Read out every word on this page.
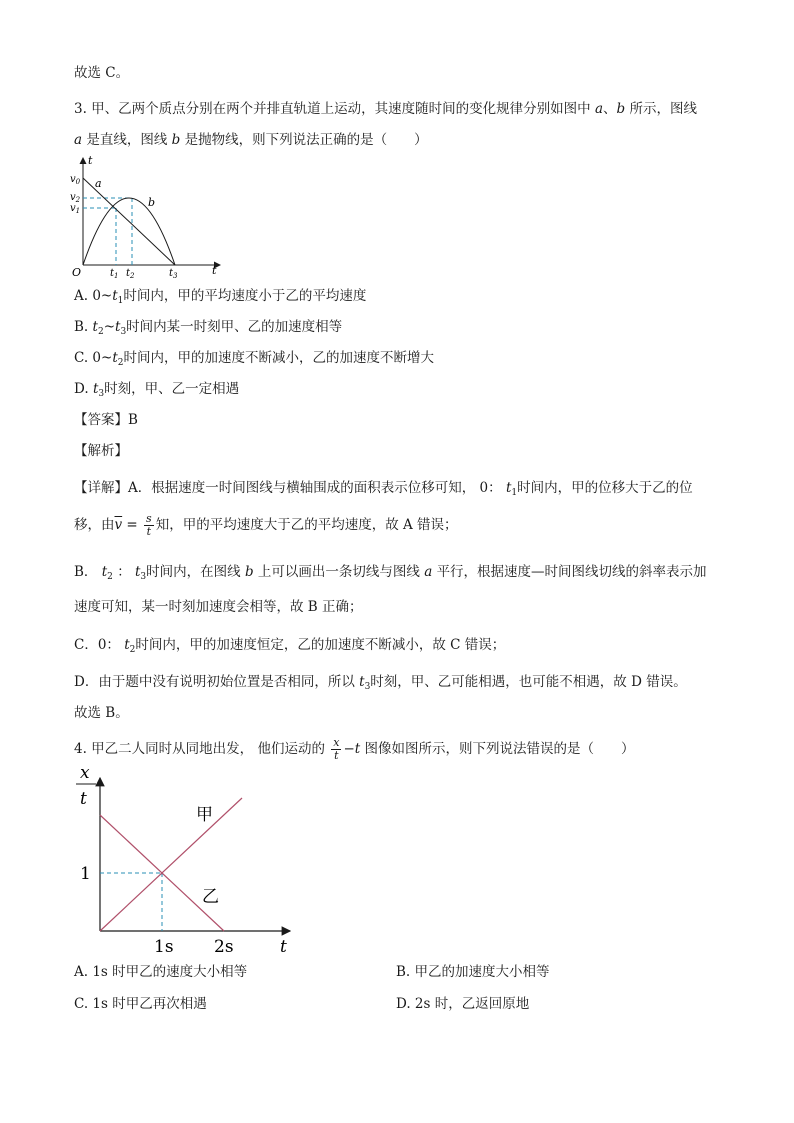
故选 C。
3. 甲、乙两个质点分别在两个并排直轨道上运动，其速度随时间的变化规律分别如图中 a、b 所示，图线
a 是直线，图线 b 是抛物线，则下列说法正确的是（　　）
t
$v_0$
$v_2$
$v_1$
a
b
O	$t_1$ $t_2$	$t_3$	t
A. $0\sim t_1$时间内，甲的平均速度小于乙的平均速度
B. $t_2\sim t_3$时间内某一时刻甲、乙的加速度相等
C. $0\sim t_2$时间内，甲的加速度不断减小，乙的加速度不断增大
D. $t_3$时刻，甲、乙一定相遇
【答案】B
【解析】
【详解】A．根据速度一时间图线与横轴围成的面积表示位移可知， 0： $t_1$时间内，甲的位移大于乙的位
移，由$\overline{v} = \frac{s}{t}$ 知，甲的平均速度大于乙的平均速度，故 A 错误；
B． $t_2$ ： $t_3$时间内，在图线 b 上可以画出一条切线与图线 a 平行，根据速度—时间图线切线的斜率表示加
速度可知，某一时刻加速度会相等，故 B 正确；
C．0： $t_2$时间内，甲的加速度恒定，乙的加速度不断减小，故 C 错误；
D．由于题中没有说明初始位置是否相同，所以 $t_3$时刻，甲、乙可能相遇，也可能不相遇，故 D 错误。
故选 B。
4. 甲乙二人同时从同地出发， 他们运动的 $\frac{x}{t} -t$ 图像如图所示，则下列说法错误的是（　　）
x
t
甲
乙
1
1s 2s	t
A. 1s 时甲乙的速度大小相等	B. 甲乙的加速度大小相等
C. 1s 时甲乙再次相遇	D. 2s 时，乙返回原地
